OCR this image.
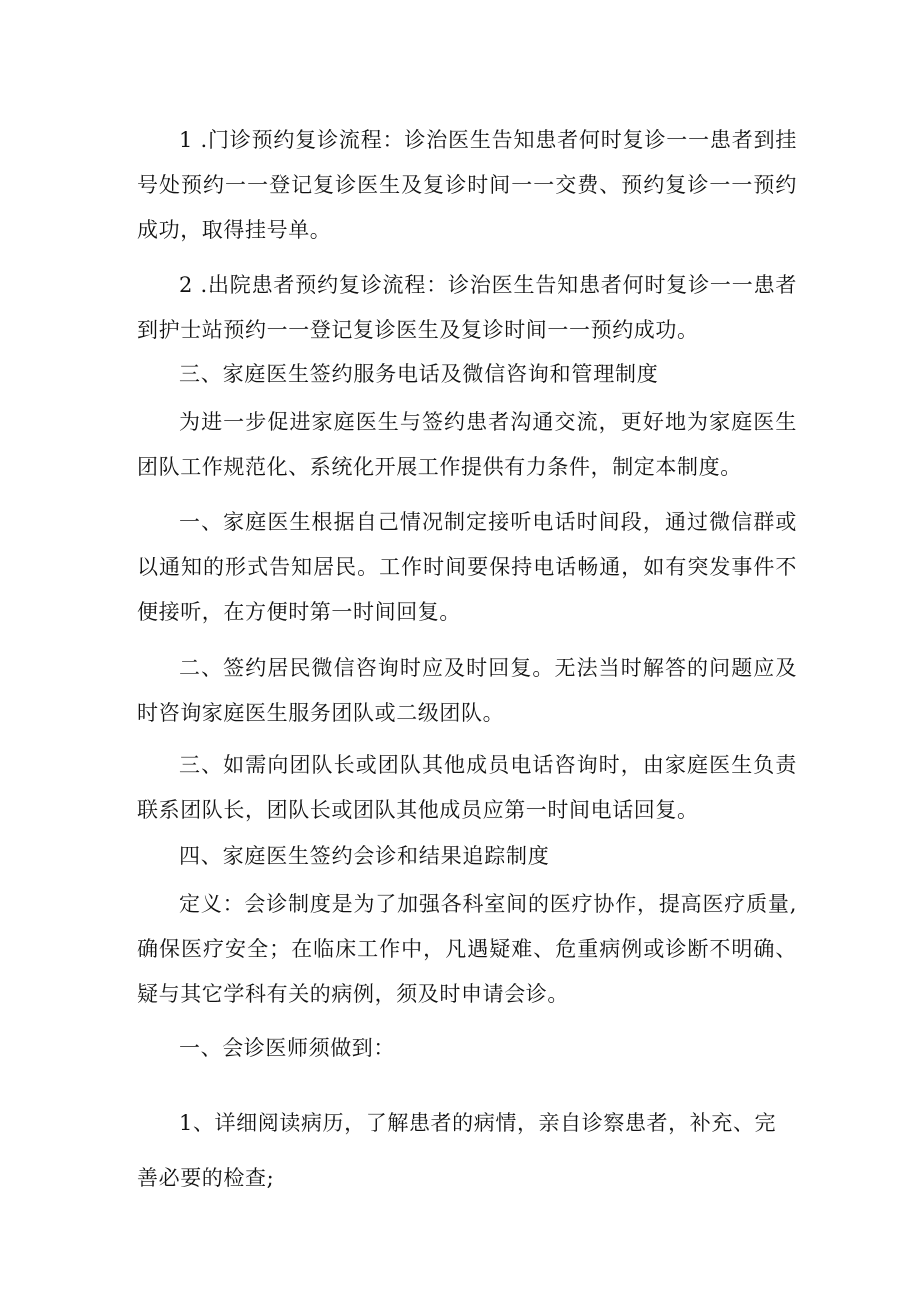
1 .门诊预约复诊流程：诊治医生告知患者何时复诊一一患者到挂号处预约一一登记复诊医生及复诊时间一一交费、预约复诊一一预约成功，取得挂号单。

2 .出院患者预约复诊流程：诊治医生告知患者何时复诊一一患者到护士站预约一一登记复诊医生及复诊时间一一预约成功。

三、家庭医生签约服务电话及微信咨询和管理制度

为进一步促进家庭医生与签约患者沟通交流，更好地为家庭医生团队工作规范化、系统化开展工作提供有力条件，制定本制度。

一、家庭医生根据自己情况制定接听电话时间段，通过微信群或以通知的形式告知居民。工作时间要保持电话畅通，如有突发事件不便接听，在方便时第一时间回复。

二、签约居民微信咨询时应及时回复。无法当时解答的问题应及时咨询家庭医生服务团队或二级团队。

三、如需向团队长或团队其他成员电话咨询时，由家庭医生负责联系团队长，团队长或团队其他成员应第一时间电话回复。

四、家庭医生签约会诊和结果追踪制度

定义：会诊制度是为了加强各科室间的医疗协作，提高医疗质量,确保医疗安全；在临床工作中，凡遇疑难、危重病例或诊断不明确、疑与其它学科有关的病例，须及时申请会诊。

一、会诊医师须做到：

1、详细阅读病历，了解患者的病情，亲自诊察患者，补充、完
善必要的检查;
